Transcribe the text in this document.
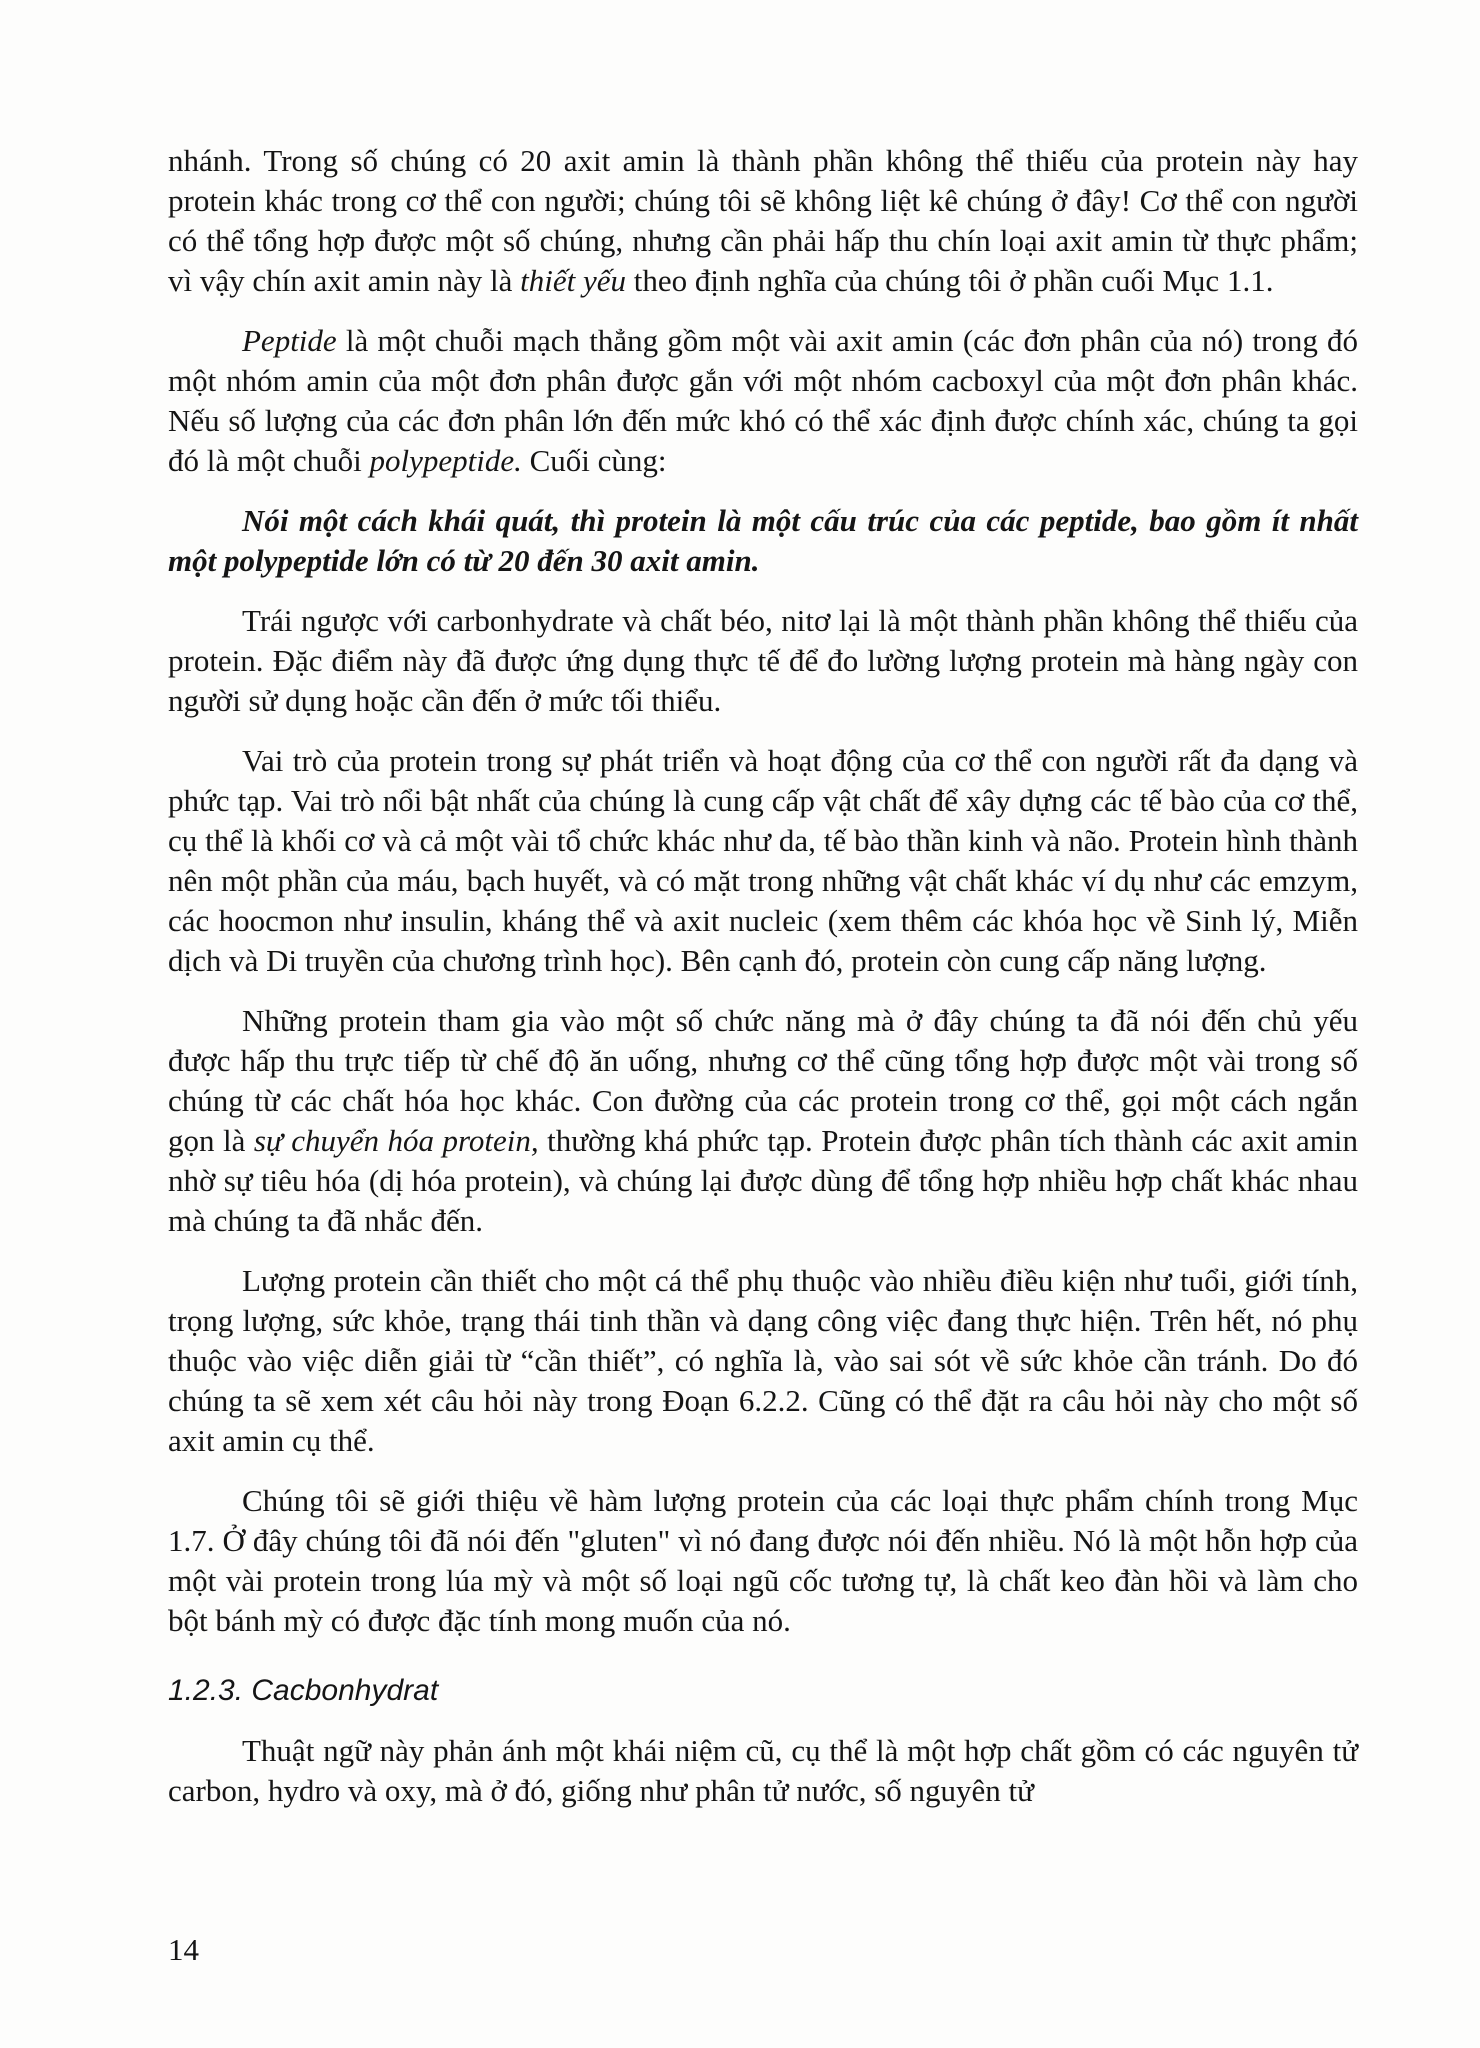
nhánh. Trong số chúng có 20 axit amin là thành phần không thể thiếu của protein này hay protein khác trong cơ thể con người; chúng tôi sẽ không liệt kê chúng ở đây! Cơ thể con người có thể tổng hợp được một số chúng, nhưng cần phải hấp thu chín loại axit amin từ thực phẩm; vì vậy chín axit amin này là thiết yếu theo định nghĩa của chúng tôi ở phần cuối Mục 1.1.

Peptide là một chuỗi mạch thẳng gồm một vài axit amin (các đơn phân của nó) trong đó một nhóm amin của một đơn phân được gắn với một nhóm cacboxyl của một đơn phân khác. Nếu số lượng của các đơn phân lớn đến mức khó có thể xác định được chính xác, chúng ta gọi đó là một chuỗi polypeptide. Cuối cùng:

Nói một cách khái quát, thì protein là một cấu trúc của các peptide, bao gồm ít nhất một polypeptide lớn có từ 20 đến 30 axit amin.

Trái ngược với carbonhydrate và chất béo, nitơ lại là một thành phần không thể thiếu của protein. Đặc điểm này đã được ứng dụng thực tế để đo lường lượng protein mà hàng ngày con người sử dụng hoặc cần đến ở mức tối thiểu.

Vai trò của protein trong sự phát triển và hoạt động của cơ thể con người rất đa dạng và phức tạp. Vai trò nổi bật nhất của chúng là cung cấp vật chất để xây dựng các tế bào của cơ thể, cụ thể là khối cơ và cả một vài tổ chức khác như da, tế bào thần kinh và não. Protein hình thành nên một phần của máu, bạch huyết, và có mặt trong những vật chất khác ví dụ như các emzym, các hoocmon như insulin, kháng thể và axit nucleic (xem thêm các khóa học về Sinh lý, Miễn dịch và Di truyền của chương trình học). Bên cạnh đó, protein còn cung cấp năng lượng.

Những protein tham gia vào một số chức năng mà ở đây chúng ta đã nói đến chủ yếu được hấp thu trực tiếp từ chế độ ăn uống, nhưng cơ thể cũng tổng hợp được một vài trong số chúng từ các chất hóa học khác. Con đường của các protein trong cơ thể, gọi một cách ngắn gọn là sự chuyển hóa protein, thường khá phức tạp. Protein được phân tích thành các axit amin nhờ sự tiêu hóa (dị hóa protein), và chúng lại được dùng để tổng hợp nhiều hợp chất khác nhau mà chúng ta đã nhắc đến.

Lượng protein cần thiết cho một cá thể phụ thuộc vào nhiều điều kiện như tuổi, giới tính, trọng lượng, sức khỏe, trạng thái tinh thần và dạng công việc đang thực hiện. Trên hết, nó phụ thuộc vào việc diễn giải từ “cần thiết”, có nghĩa là, vào sai sót về sức khỏe cần tránh. Do đó chúng ta sẽ xem xét câu hỏi này trong Đoạn 6.2.2. Cũng có thể đặt ra câu hỏi này cho một số axit amin cụ thể.

Chúng tôi sẽ giới thiệu về hàm lượng protein của các loại thực phẩm chính trong Mục 1.7. Ở đây chúng tôi đã nói đến "gluten" vì nó đang được nói đến nhiều. Nó là một hỗn hợp của một vài protein trong lúa mỳ và một số loại ngũ cốc tương tự, là chất keo đàn hồi và làm cho bột bánh mỳ có được đặc tính mong muốn của nó.

1.2.3. Cacbonhydrat

Thuật ngữ này phản ánh một khái niệm cũ, cụ thể là một hợp chất gồm có các nguyên tử carbon, hydro và oxy, mà ở đó, giống như phân tử nước, số nguyên tử

14
